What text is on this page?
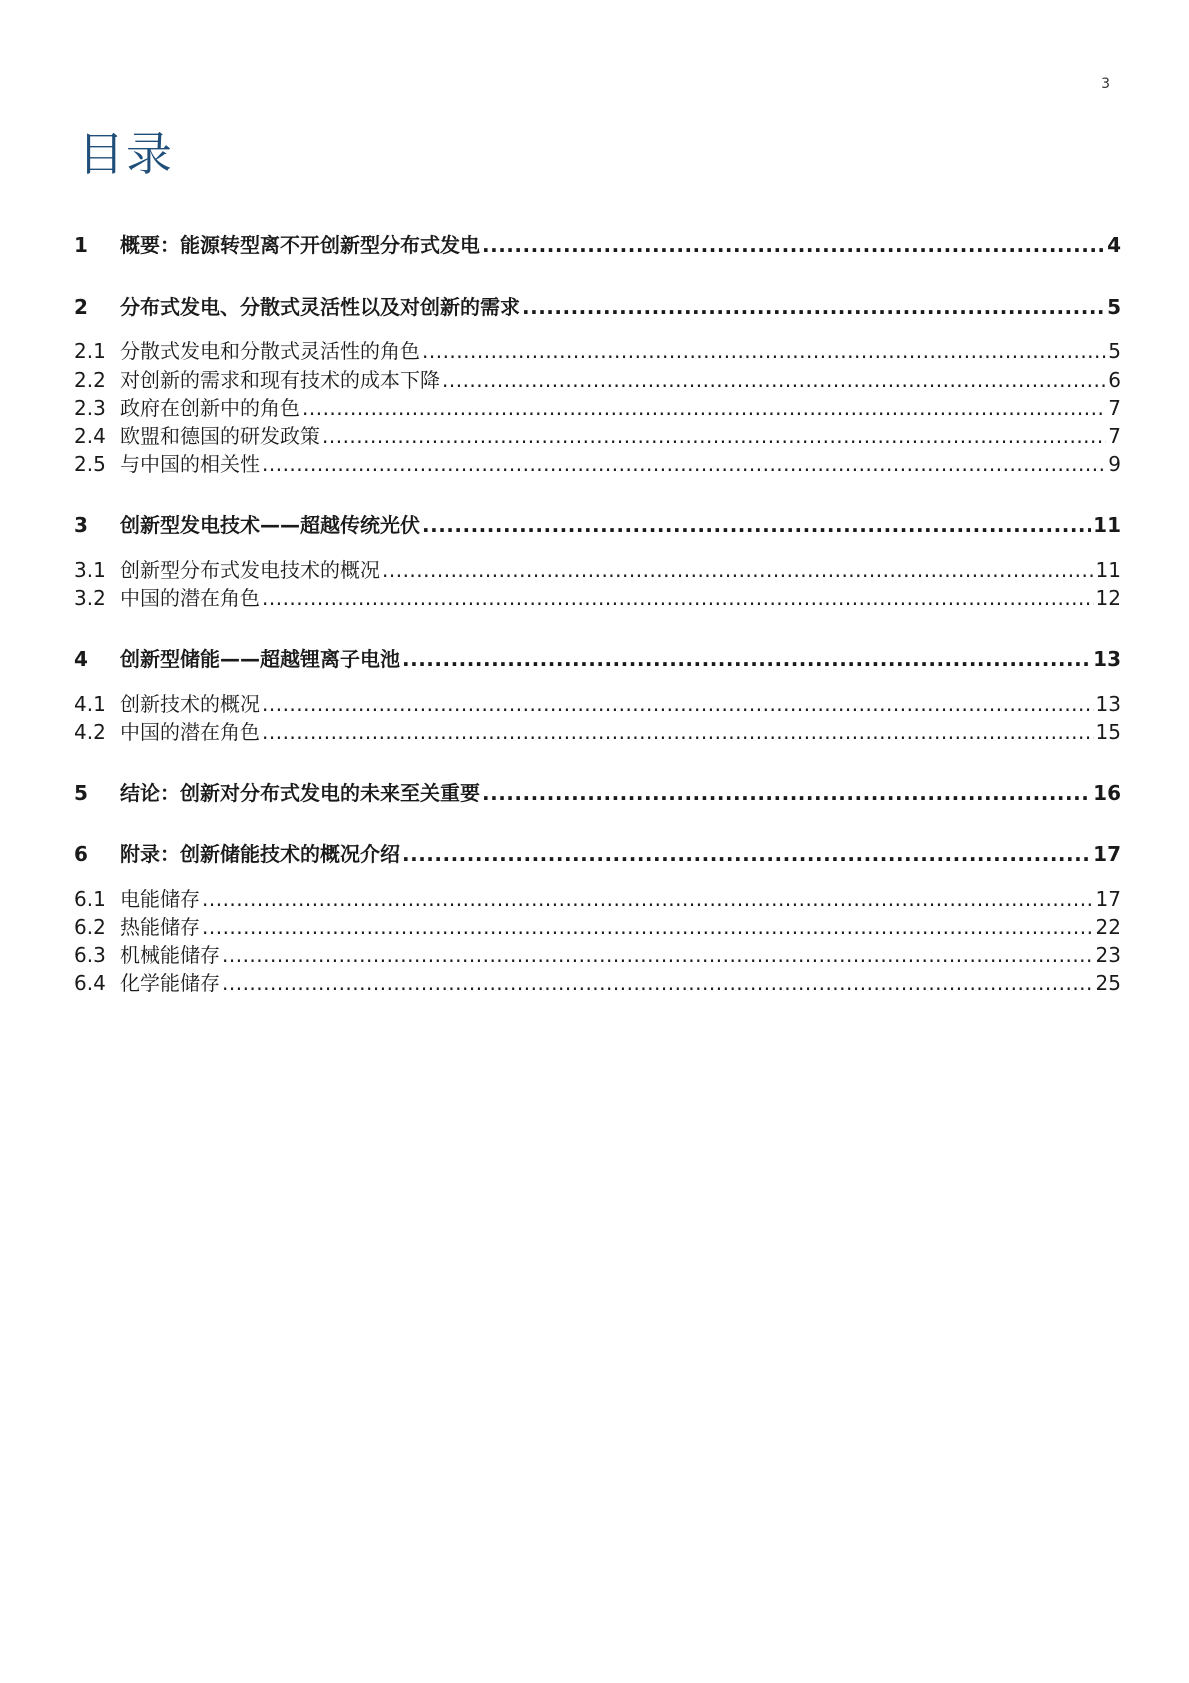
3
目录
1	概要：能源转型离不开创新型分布式发电 .....	4
2	分布式发电、分散式灵活性以及对创新的需求 .....	5
2.1 分散式发电和分散式灵活性的角色 .....	5
2.2 对创新的需求和现有技术的成本下降 .....	6
2.3 政府在创新中的角色 .....	7
2.4 欧盟和德国的研发政策 .....	7
2.5 与中国的相关性 .....	9
3	创新型发电技术——超越传统光伏 .....	11
3.1 创新型分布式发电技术的概况 .....	11
3.2 中国的潜在角色 .....	12
4	创新型储能——超越锂离子电池 .....	13
4.1 创新技术的概况 .....	13
4.2 中国的潜在角色 .....	15
5	结论：创新对分布式发电的未来至关重要 .....	16
6	附录：创新储能技术的概况介绍 .....	17
6.1 电能储存 .....	17
6.2 热能储存 .....	22
6.3 机械能储存 .....	23
6.4 化学能储存 .....	25
